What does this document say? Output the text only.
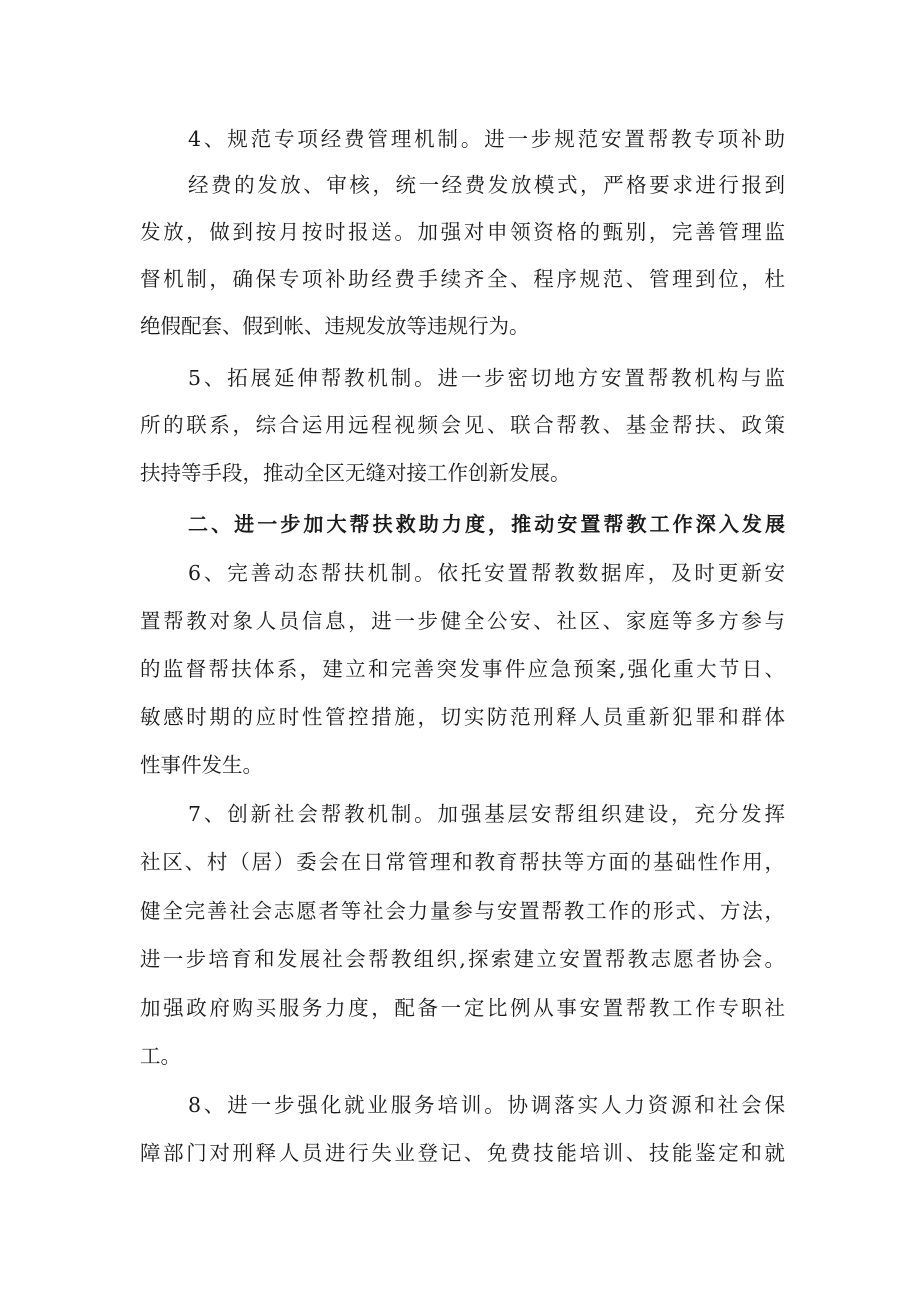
4、规范专项经费管理机制。进一步规范安置帮教专项补助

经费的发放、审核，统一经费发放模式，严格要求进行报到

发放，做到按月按时报送。加强对申领资格的甄别，完善管理监

督机制，确保专项补助经费手续齐全、程序规范、管理到位，杜

绝假配套、假到帐、违规发放等违规行为。

5、拓展延伸帮教机制。进一步密切地方安置帮教机构与监

所的联系，综合运用远程视频会见、联合帮教、基金帮扶、政策

扶持等手段，推动全区无缝对接工作创新发展。

二、进一步加大帮扶救助力度，推动安置帮教工作深入发展

6、完善动态帮扶机制。依托安置帮教数据库，及时更新安

置帮教对象人员信息，进一步健全公安、社区、家庭等多方参与

的监督帮扶体系，建立和完善突发事件应急预案,强化重大节日、

敏感时期的应时性管控措施，切实防范刑释人员重新犯罪和群体

性事件发生。

7、创新社会帮教机制。加强基层安帮组织建设，充分发挥

社区、村（居）委会在日常管理和教育帮扶等方面的基础性作用，

健全完善社会志愿者等社会力量参与安置帮教工作的形式、方法，

进一步培育和发展社会帮教组织,探索建立安置帮教志愿者协会。

加强政府购买服务力度，配备一定比例从事安置帮教工作专职社

工。

8、进一步强化就业服务培训。协调落实人力资源和社会保

障部门对刑释人员进行失业登记、免费技能培训、技能鉴定和就
